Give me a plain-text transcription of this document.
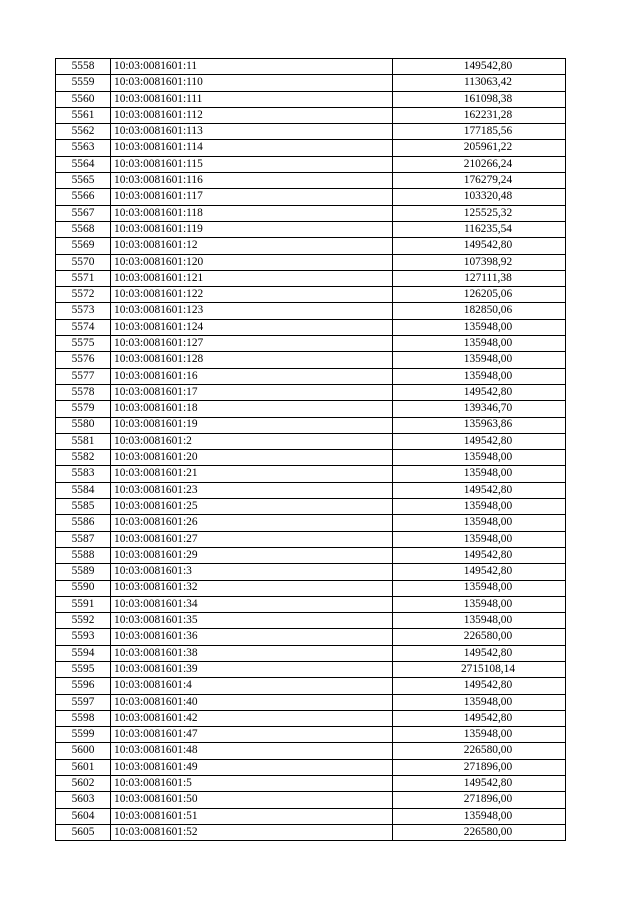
5558	10:03:0081601:11	149542,80
5559	10:03:0081601:110	113063,42
5560	10:03:0081601:111	161098,38
5561	10:03:0081601:112	162231,28
5562	10:03:0081601:113	177185,56
5563	10:03:0081601:114	205961,22
5564	10:03:0081601:115	210266,24
5565	10:03:0081601:116	176279,24
5566	10:03:0081601:117	103320,48
5567	10:03:0081601:118	125525,32
5568	10:03:0081601:119	116235,54
5569	10:03:0081601:12	149542,80
5570	10:03:0081601:120	107398,92
5571	10:03:0081601:121	127111,38
5572	10:03:0081601:122	126205,06
5573	10:03:0081601:123	182850,06
5574	10:03:0081601:124	135948,00
5575	10:03:0081601:127	135948,00
5576	10:03:0081601:128	135948,00
5577	10:03:0081601:16	135948,00
5578	10:03:0081601:17	149542,80
5579	10:03:0081601:18	139346,70
5580	10:03:0081601:19	135963,86
5581	10:03:0081601:2	149542,80
5582	10:03:0081601:20	135948,00
5583	10:03:0081601:21	135948,00
5584	10:03:0081601:23	149542,80
5585	10:03:0081601:25	135948,00
5586	10:03:0081601:26	135948,00
5587	10:03:0081601:27	135948,00
5588	10:03:0081601:29	149542,80
5589	10:03:0081601:3	149542,80
5590	10:03:0081601:32	135948,00
5591	10:03:0081601:34	135948,00
5592	10:03:0081601:35	135948,00
5593	10:03:0081601:36	226580,00
5594	10:03:0081601:38	149542,80
5595	10:03:0081601:39	2715108,14
5596	10:03:0081601:4	149542,80
5597	10:03:0081601:40	135948,00
5598	10:03:0081601:42	149542,80
5599	10:03:0081601:47	135948,00
5600	10:03:0081601:48	226580,00
5601	10:03:0081601:49	271896,00
5602	10:03:0081601:5	149542,80
5603	10:03:0081601:50	271896,00
5604	10:03:0081601:51	135948,00
5605	10:03:0081601:52	226580,00
